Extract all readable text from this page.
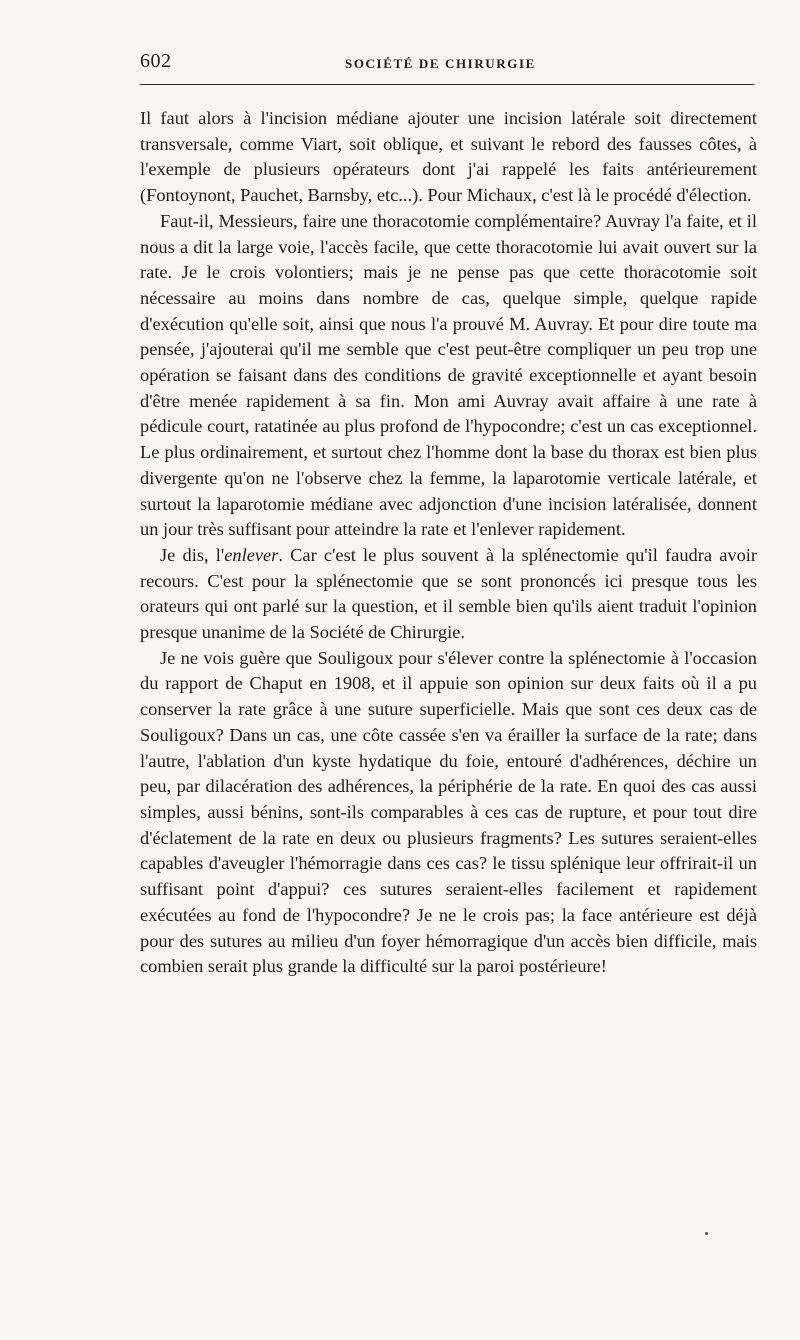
602	SOCIÉTÉ DE CHIRURGIE

Il faut alors à l'incision médiane ajouter une incision latérale soit directement transversale, comme Viart, soit oblique, et suivant le rebord des fausses côtes, à l'exemple de plusieurs opérateurs dont j'ai rappelé les faits antérieurement (Fontoynont, Pauchet, Barnsby, etc...). Pour Michaux, c'est là le procédé d'élection.

Faut-il, Messieurs, faire une thoracotomie complémentaire? Auvray l'a faite, et il nous a dit la large voie, l'accès facile, que cette thoracotomie lui avait ouvert sur la rate. Je le crois volontiers; mais je ne pense pas que cette thoracotomie soit nécessaire au moins dans nombre de cas, quelque simple, quelque rapide d'exécution qu'elle soit, ainsi que nous l'a prouvé M. Auvray. Et pour dire toute ma pensée, j'ajouterai qu'il me semble que c'est peut-être compliquer un peu trop une opération se faisant dans des conditions de gravité exceptionnelle et ayant besoin d'être menée rapidement à sa fin. Mon ami Auvray avait affaire à une rate à pédicule court, ratatinée au plus profond de l'hypocondre; c'est un cas exceptionnel. Le plus ordinairement, et surtout chez l'homme dont la base du thorax est bien plus divergente qu'on ne l'observe chez la femme, la laparotomie verticale latérale, et surtout la laparotomie médiane avec adjonction d'une incision latéralisée, donnent un jour très suffisant pour atteindre la rate et l'enlever rapidement.

Je dis, l'enlever. Car c'est le plus souvent à la splénectomie qu'il faudra avoir recours. C'est pour la splénectomie que se sont prononcés ici presque tous les orateurs qui ont parlé sur la question, et il semble bien qu'ils aient traduit l'opinion presque unanime de la Société de Chirurgie.

Je ne vois guère que Souligoux pour s'élever contre la splénectomie à l'occasion du rapport de Chaput en 1908, et il appuie son opinion sur deux faits où il a pu conserver la rate grâce à une suture superficielle. Mais que sont ces deux cas de Souligoux? Dans un cas, une côte cassée s'en va érailler la surface de la rate; dans l'autre, l'ablation d'un kyste hydatique du foie, entouré d'adhérences, déchire un peu, par dilacération des adhérences, la périphérie de la rate. En quoi des cas aussi simples, aussi bénins, sont-ils comparables à ces cas de rupture, et pour tout dire d'éclatement de la rate en deux ou plusieurs fragments? Les sutures seraient-elles capables d'aveugler l'hémorragie dans ces cas? le tissu splénique leur offrirait-il un suffisant point d'appui? ces sutures seraient-elles facilement et rapidement exécutées au fond de l'hypocondre? Je ne le crois pas; la face antérieure est déjà pour des sutures au milieu d'un foyer hémorragique d'un accès bien difficile, mais combien serait plus grande la difficulté sur la paroi postérieure!
